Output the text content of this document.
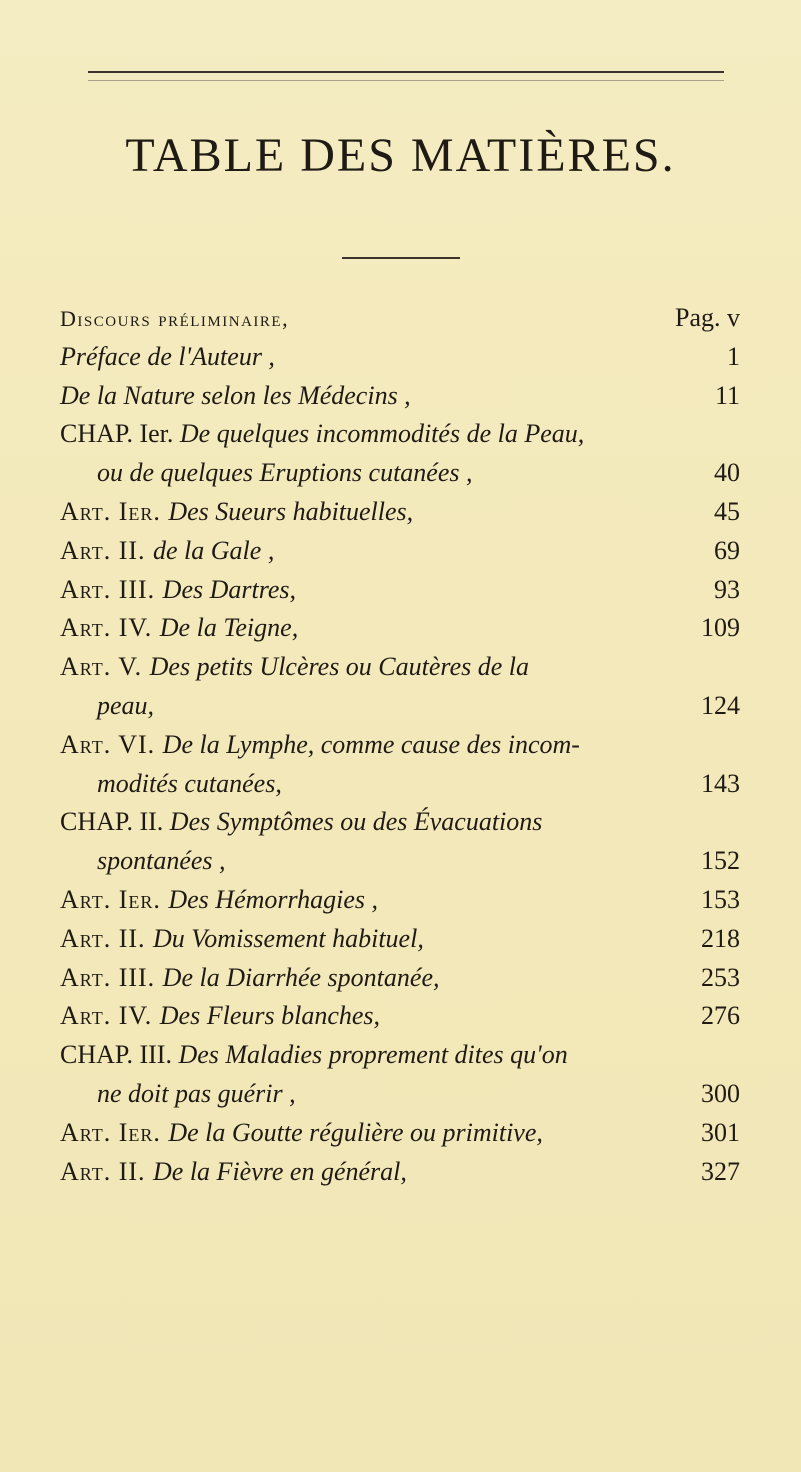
TABLE DES MATIÈRES.
Discours préliminaire,	Pag. v
Préface de l'Auteur ,	1
De la Nature selon les Médecins ,	11
CHAP. Ier. De quelques incommodités de la Peau,
ou de quelques Eruptions cutanées ,	40
Art. Ier. Des Sueurs habituelles,	45
Art. II. de la Gale ,	69
Art. III. Des Dartres,	93
Art. IV. De la Teigne,	109
Art. V. Des petits Ulcères ou Cautères de la
peau,	124
Art. VI. De la Lymphe, comme cause des incom-
modités cutanées,	143
CHAP. II. Des Symptômes ou des Évacuations
spontanées ,	152
Art. Ier. Des Hémorrhagies ,	153
Art. II. Du Vomissement habituel,	218
Art. III. De la Diarrhée spontanée,	253
Art. IV. Des Fleurs blanches,	276
CHAP. III. Des Maladies proprement dites qu'on
ne doit pas guérir ,	300
Art. Ier. De la Goutte régulière ou primitive,	301
Art. II. De la Fièvre en général,	327
